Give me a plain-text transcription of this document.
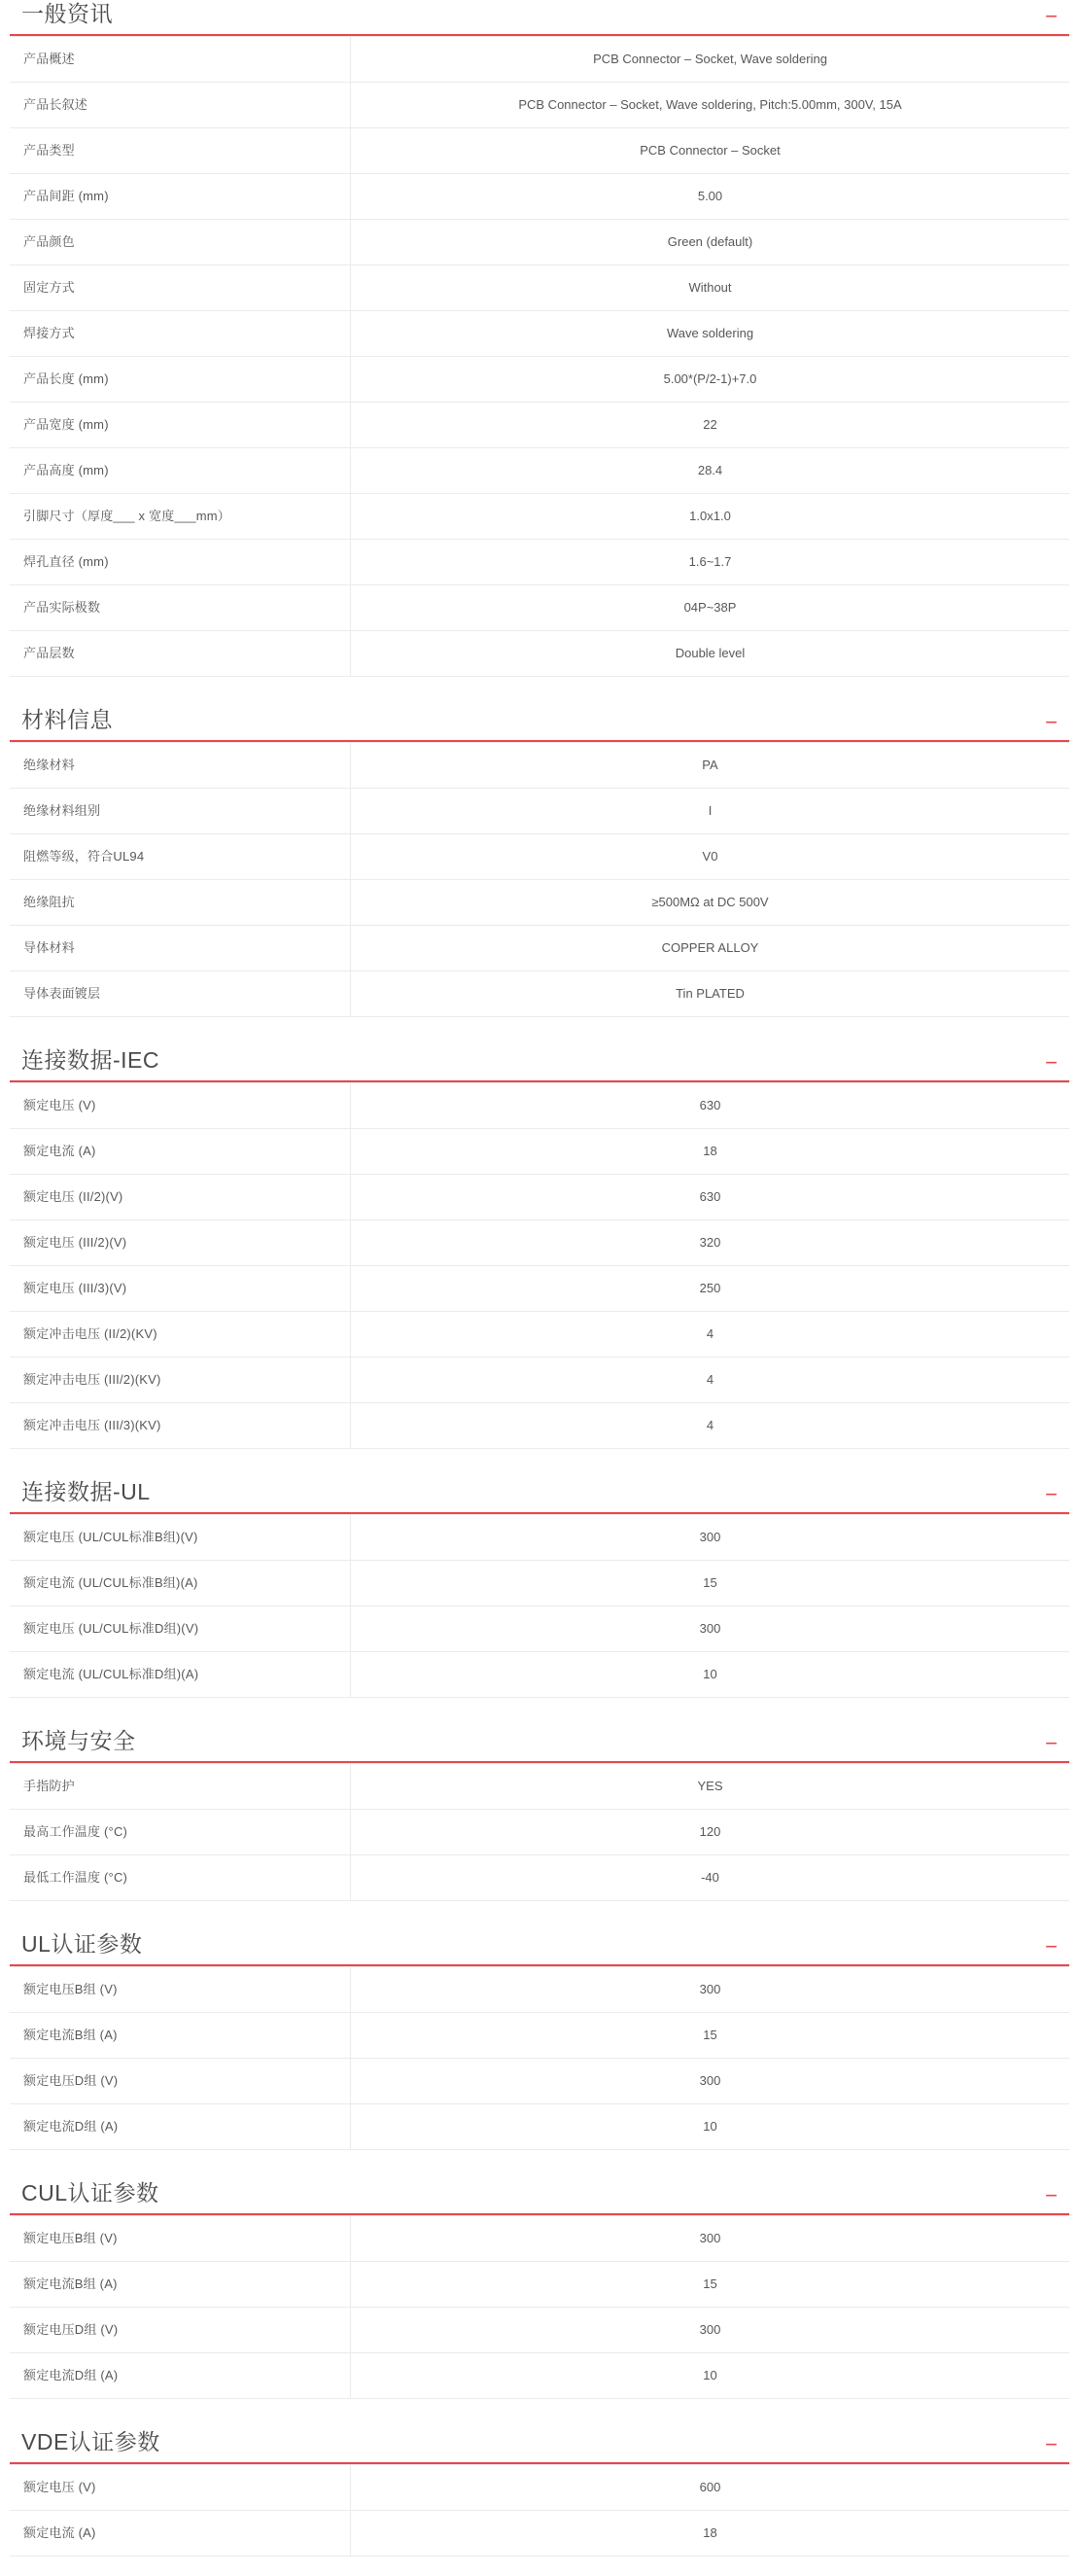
一般资讯	−
产品概述	PCB Connector – Socket, Wave soldering
产品长叙述	PCB Connector – Socket, Wave soldering, Pitch:5.00mm, 300V, 15A
产品类型	PCB Connector – Socket
产品间距 (mm)	5.00
产品颜色	Green (default)
固定方式	Without
焊接方式	Wave soldering
产品长度 (mm)	5.00*(P/2-1)+7.0
产品宽度 (mm)	22
产品高度 (mm)	28.4
引脚尺寸（厚度___ x 宽度___mm）	1.0x1.0
焊孔直径 (mm)	1.6~1.7
产品实际极数	04P~38P
产品层数	Double level
材料信息	−
绝缘材料	PA
绝缘材料组别	I
阻燃等级，符合UL94	V0
绝缘阻抗	≥500MΩ at DC 500V
导体材料	COPPER ALLOY
导体表面镀层	Tin PLATED
连接数据-IEC	−
额定电压 (V)	630
额定电流 (A)	18
额定电压 (II/2)(V)	630
额定电压 (III/2)(V)	320
额定电压 (III/3)(V)	250
额定冲击电压 (II/2)(KV)	4
额定冲击电压 (III/2)(KV)	4
额定冲击电压 (III/3)(KV)	4
连接数据-UL	−
额定电压 (UL/CUL标准B组)(V)	300
额定电流 (UL/CUL标准B组)(A)	15
额定电压 (UL/CUL标准D组)(V)	300
额定电流 (UL/CUL标准D组)(A)	10
环境与安全	−
手指防护	YES
最高工作温度 (°C)	120
最低工作温度 (°C)	-40
UL认证参数	−
额定电压B组 (V)	300
额定电流B组 (A)	15
额定电压D组 (V)	300
额定电流D组 (A)	10
CUL认证参数	−
额定电压B组 (V)	300
额定电流B组 (A)	15
额定电压D组 (V)	300
额定电流D组 (A)	10
VDE认证参数	−
额定电压 (V)	600
额定电流 (A)	18
